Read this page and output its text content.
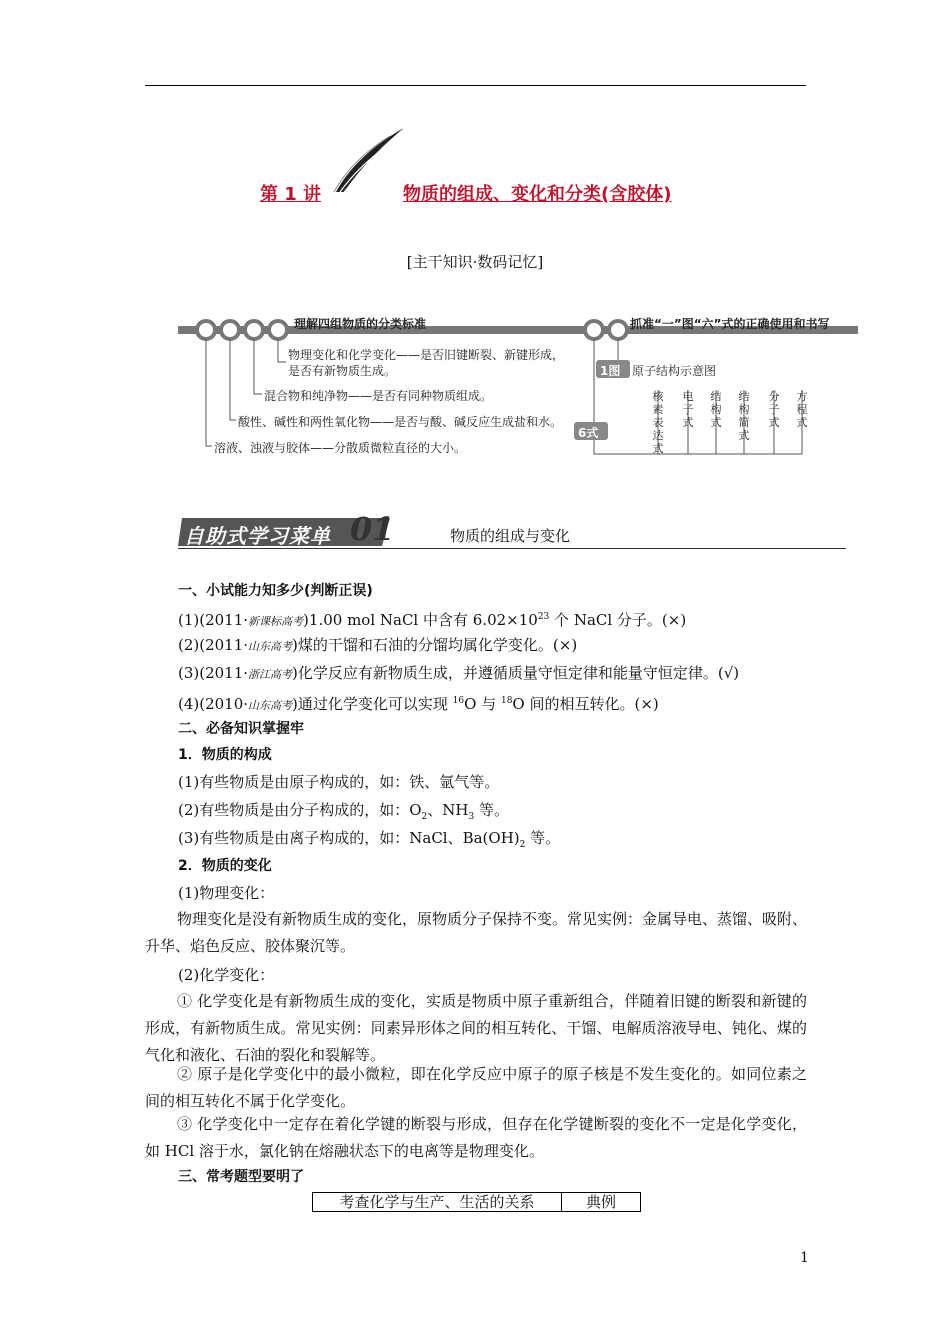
第 1 讲	物质的组成、变化和分类(含胶体)
[主干知识·数码记忆]
理解四组物质的分类标准
物理变化和化学变化——是否旧键断裂、新键形成，
是否有新物质生成。
混合物和纯净物——是否有同种物质组成。
酸性、碱性和两性氧化物——是否与酸、碱反应生成盐和水。
溶液、浊液与胶体——分散质微粒直径的大小。
抓准“一”图“六”式的正确使用和书写
1图 原子结构示意图
6式
核素表达式
电子式
结构式
结构简式
分子式
方程式
自助式学习菜单 01	物质的组成与变化
一、小试能力知多少(判断正误)
(1)(2011·新课标高考)1.00 mol NaCl 中含有 $6.02\times 10^{23}$ 个 NaCl 分子。(×)
(2)(2011·山东高考)煤的干馏和石油的分馏均属化学变化。(×)
(3)(2011·浙江高考)化学反应有新物质生成，并遵循质量守恒定律和能量守恒定律。(√)
(4)(2010·山东高考)通过化学变化可以实现 $^{16}$O 与 $^{18}$O 间的相互转化。(×)
二、必备知识掌握牢
1．物质的构成
(1)有些物质是由原子构成的，如：铁、氩气等。
(2)有些物质是由分子构成的，如：$O_2$、$NH_3$ 等。
(3)有些物质是由离子构成的，如：NaCl、$Ba(OH)_2$ 等。
2．物质的变化
(1)物理变化：
物理变化是没有新物质生成的变化，原物质分子保持不变。常见实例：金属导电、蒸馏、吸附、升华、焰色反应、胶体聚沉等。
(2)化学变化：
① 化学变化是有新物质生成的变化，实质是物质中原子重新组合，伴随着旧键的断裂和新键的形成，有新物质生成。常见实例：同素异形体之间的相互转化、干馏、电解质溶液导电、钝化、煤的气化和液化、石油的裂化和裂解等。
② 原子是化学变化中的最小微粒，即在化学反应中原子的原子核是不发生变化的。如同位素之间的相互转化不属于化学变化。
③ 化学变化中一定存在着化学键的断裂与形成，但存在化学键断裂的变化不一定是化学变化，如 HCl 溶于水，氯化钠在熔融状态下的电离等是物理变化。
三、常考题型要明了
考查化学与生产、生活的关系	典例
1
